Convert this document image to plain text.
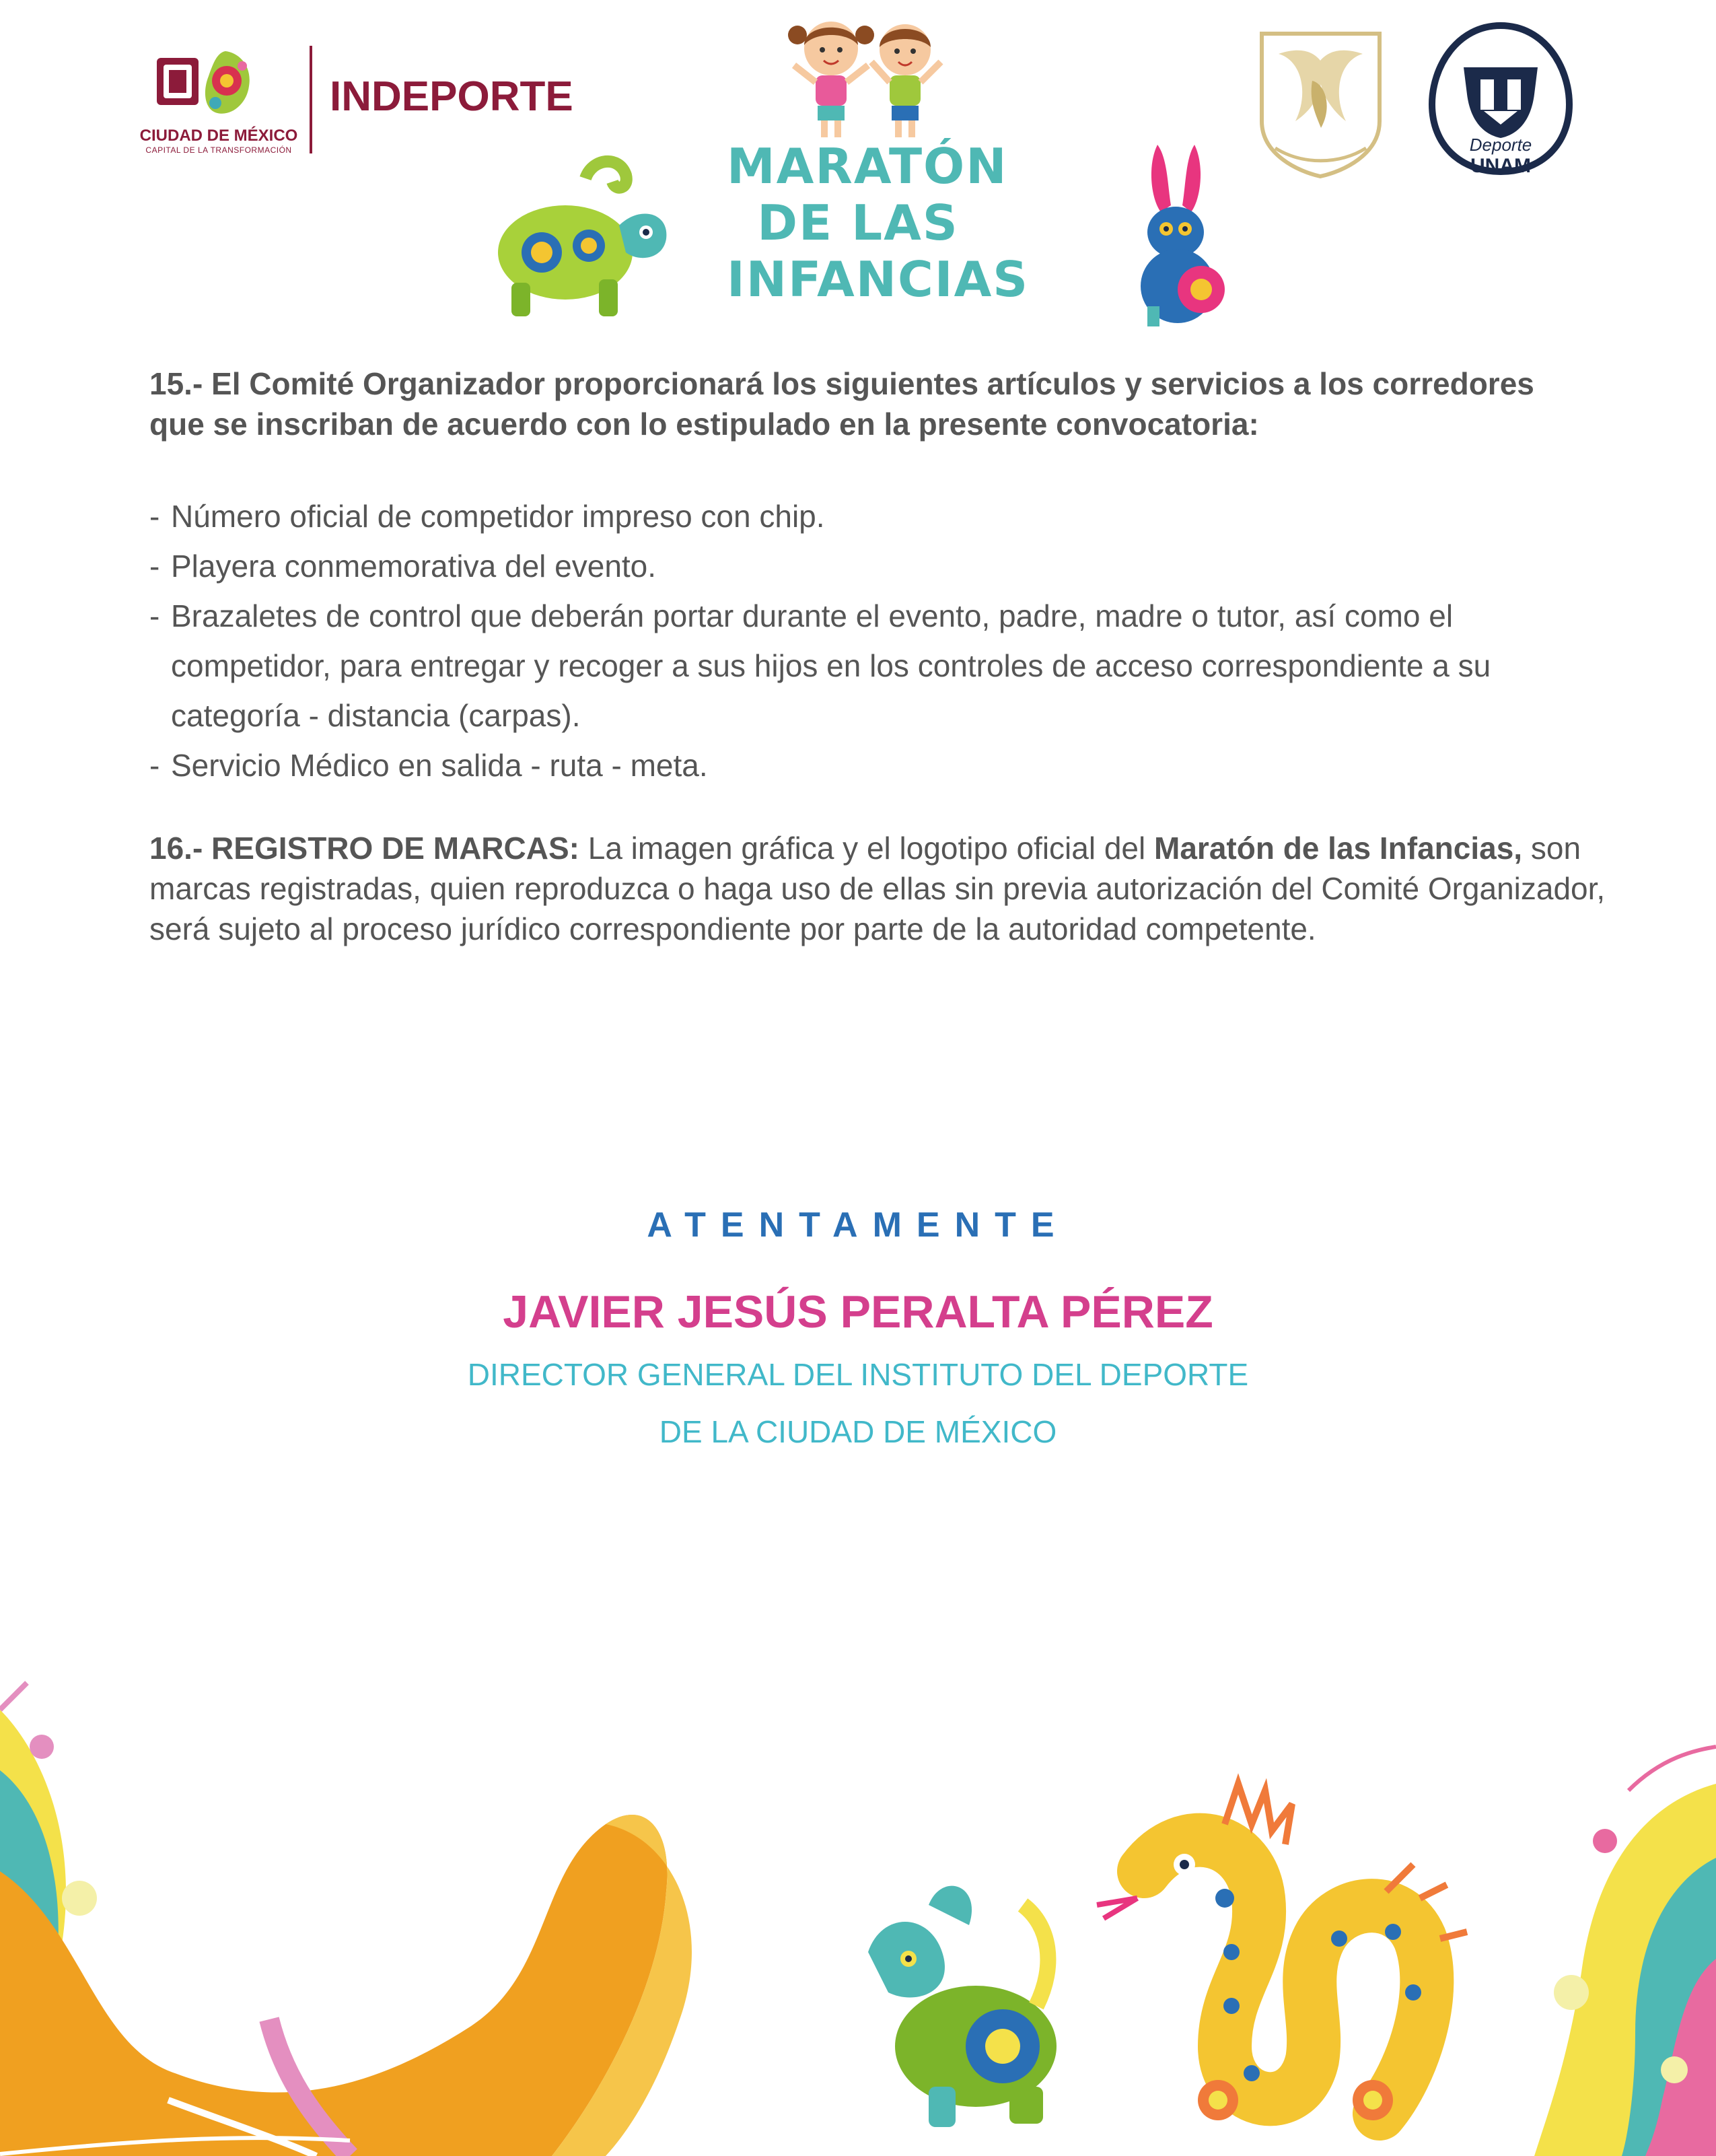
CIUDAD DE MÉXICO
CAPITAL DE LA TRANSFORMACIÓN
INDEPORTE
MARATÓN
DE LAS
INFANCIAS
Deporte
UNAM
15.- El Comité Organizador proporcionará los siguientes artículos y servicios a los corredores que se inscriban de acuerdo con lo estipulado en la presente convocatoria:
- Número oficial de competidor impreso con chip.
- Playera conmemorativa del evento.
- Brazaletes de control que deberán portar durante el evento, padre, madre o tutor, así como el competidor, para entregar y recoger a sus hijos en los controles de acceso correspondiente a su categoría - distancia (carpas).
- Servicio Médico en salida - ruta - meta.
16.- REGISTRO DE MARCAS: La imagen gráfica y el logotipo oficial del Maratón de las Infancias, son marcas registradas, quien reproduzca o haga uso de ellas sin previa autorización del Comité Organizador, será sujeto al proceso jurídico correspondiente por parte de la autoridad competente.
ATENTAMENTE
JAVIER JESÚS PERALTA PÉREZ
DIRECTOR GENERAL DEL INSTITUTO DEL DEPORTE
DE LA CIUDAD DE MÉXICO
